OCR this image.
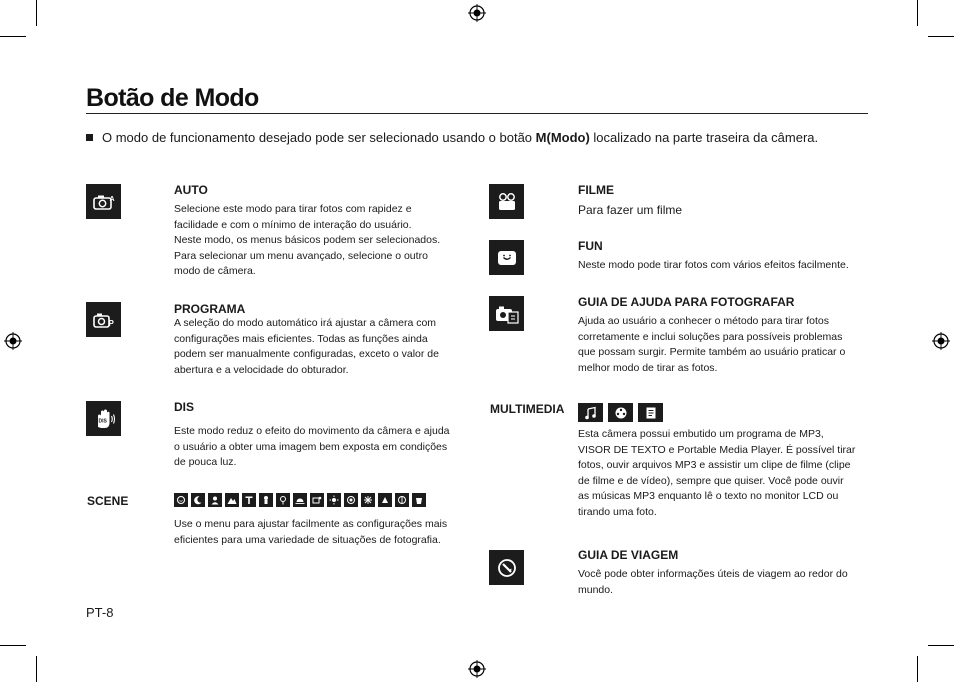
Botão de Modo
O modo de funcionamento desejado pode ser selecionado usando o botão M(Modo) localizado na parte traseira da câmera.
A
AUTO
Selecione este modo para tirar fotos com rapidez e
facilidade e com o mínimo de interação do usuário.
Neste modo, os menus básicos podem ser selecionados.
Para selecionar um menu avançado, selecione o outro
modo de câmera.
P
PROGRAMA
A seleção do modo automático irá ajustar a câmera com
configurações mais eficientes. Todas as funções ainda
podem ser manualmente configuradas, exceto o valor de
abertura e a velocidade do obturador.
DIS
DIS
Este modo reduz o efeito do movimento da câmera e ajuda
o usuário a obter uma imagem bem exposta em condições
de pouca luz.
SCENE
Use o menu para ajustar facilmente as configurações mais
eficientes para uma variedade de situações de fotografia.
FILME
Para fazer um filme
FUN
Neste modo pode tirar fotos com vários efeitos facilmente.
GUIA DE AJUDA PARA FOTOGRAFAR
Ajuda ao usuário a conhecer o método para tirar fotos
corretamente e inclui soluções para possíveis problemas
que possam surgir. Permite também ao usuário praticar o
melhor modo de tirar as fotos.
MULTIMEDIA
Esta câmera possui embutido um programa de MP3,
VISOR DE TEXTO e Portable Media Player. É possível tirar
fotos, ouvir arquivos MP3 e assistir um clipe de filme (clipe
de filme e de vídeo), sempre que quiser. Você pode ouvir
as músicas MP3 enquanto lê o texto no monitor LCD ou
tirando uma foto.
GUIA DE VIAGEM
Você pode obter informações úteis de viagem ao redor do
mundo.
PT-8
